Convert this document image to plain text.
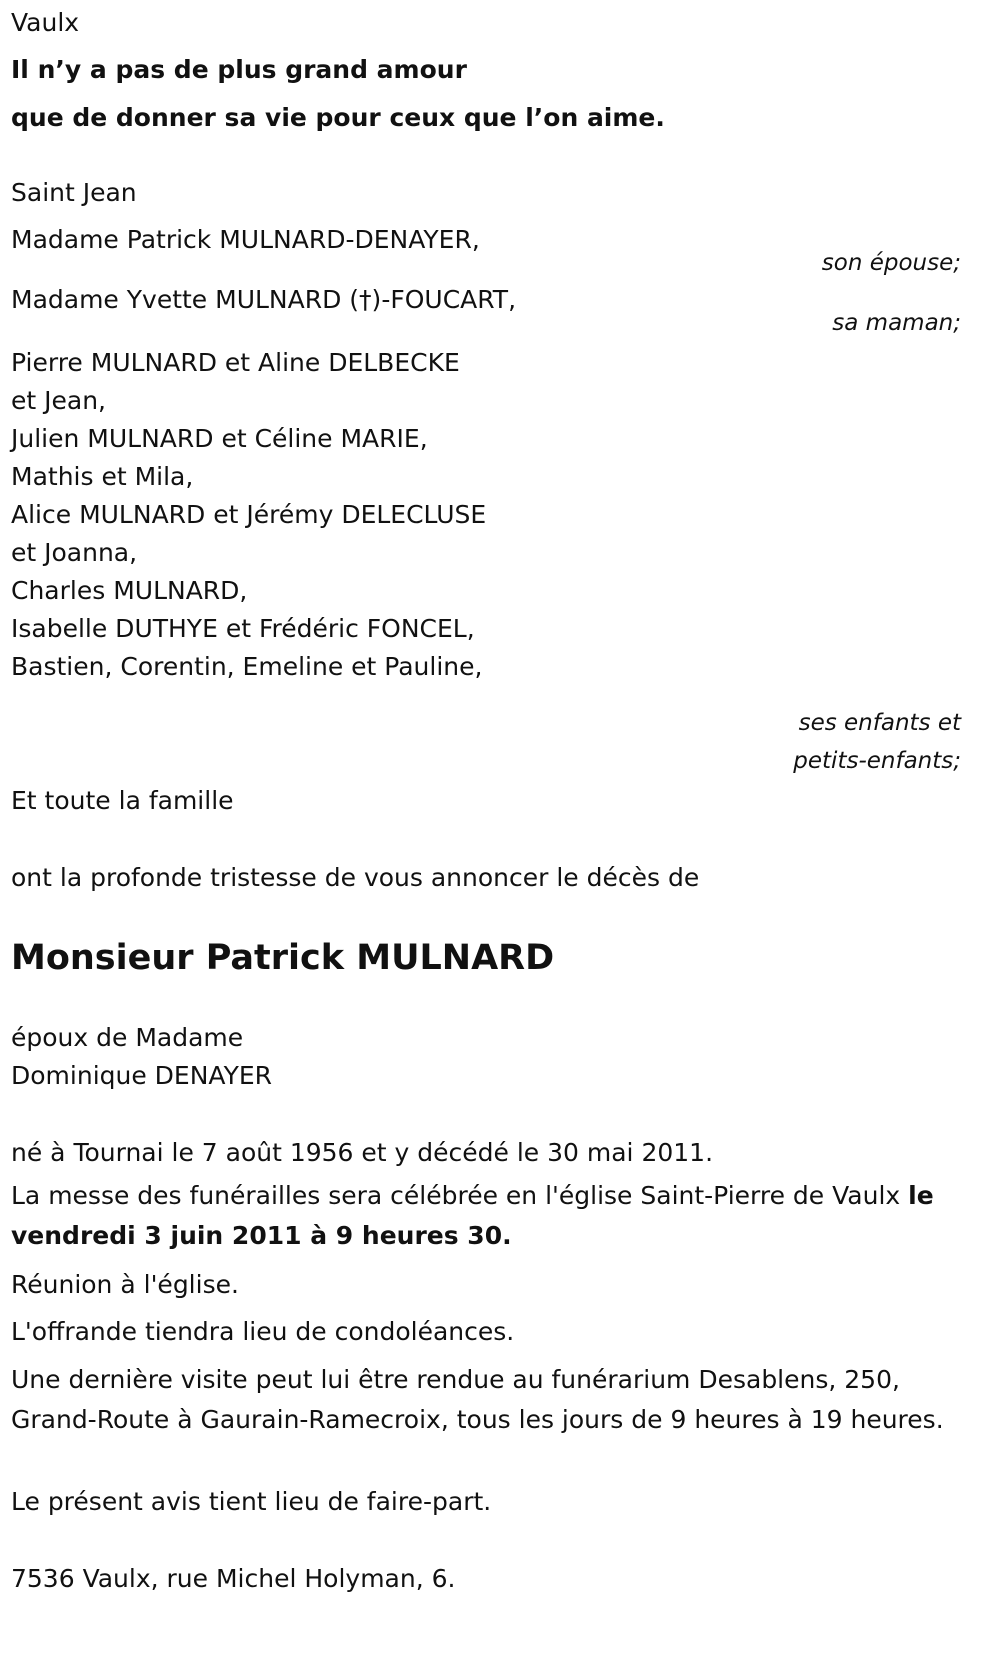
Vaulx
Il n’y a pas de plus grand amour
que de donner sa vie pour ceux que l’on aime.
Saint Jean
Madame Patrick MULNARD-DENAYER,
son épouse;
Madame Yvette MULNARD (†)-FOUCART,
sa maman;
Pierre MULNARD et Aline DELBECKE
et Jean,
Julien MULNARD et Céline MARIE,
Mathis et Mila,
Alice MULNARD et Jérémy DELECLUSE
et Joanna,
Charles MULNARD,
Isabelle DUTHYE et Frédéric FONCEL,
Bastien, Corentin, Emeline et Pauline,
ses enfants et
petits-enfants;
Et toute la famille
ont la profonde tristesse de vous annoncer le décès de
Monsieur Patrick MULNARD
époux de Madame
Dominique DENAYER
né à Tournai le 7 août 1956 et y décédé le 30 mai 2011.
La messe des funérailles sera célébrée en l'église Saint-Pierre de Vaulx le vendredi 3 juin 2011 à 9 heures 30.
Réunion à l'église.
L'offrande tiendra lieu de condoléances.
Une dernière visite peut lui être rendue au funérarium Desablens, 250, Grand-Route à Gaurain-Ramecroix, tous les jours de 9 heures à 19 heures.
Le présent avis tient lieu de faire-part.
7536 Vaulx, rue Michel Holyman, 6.
